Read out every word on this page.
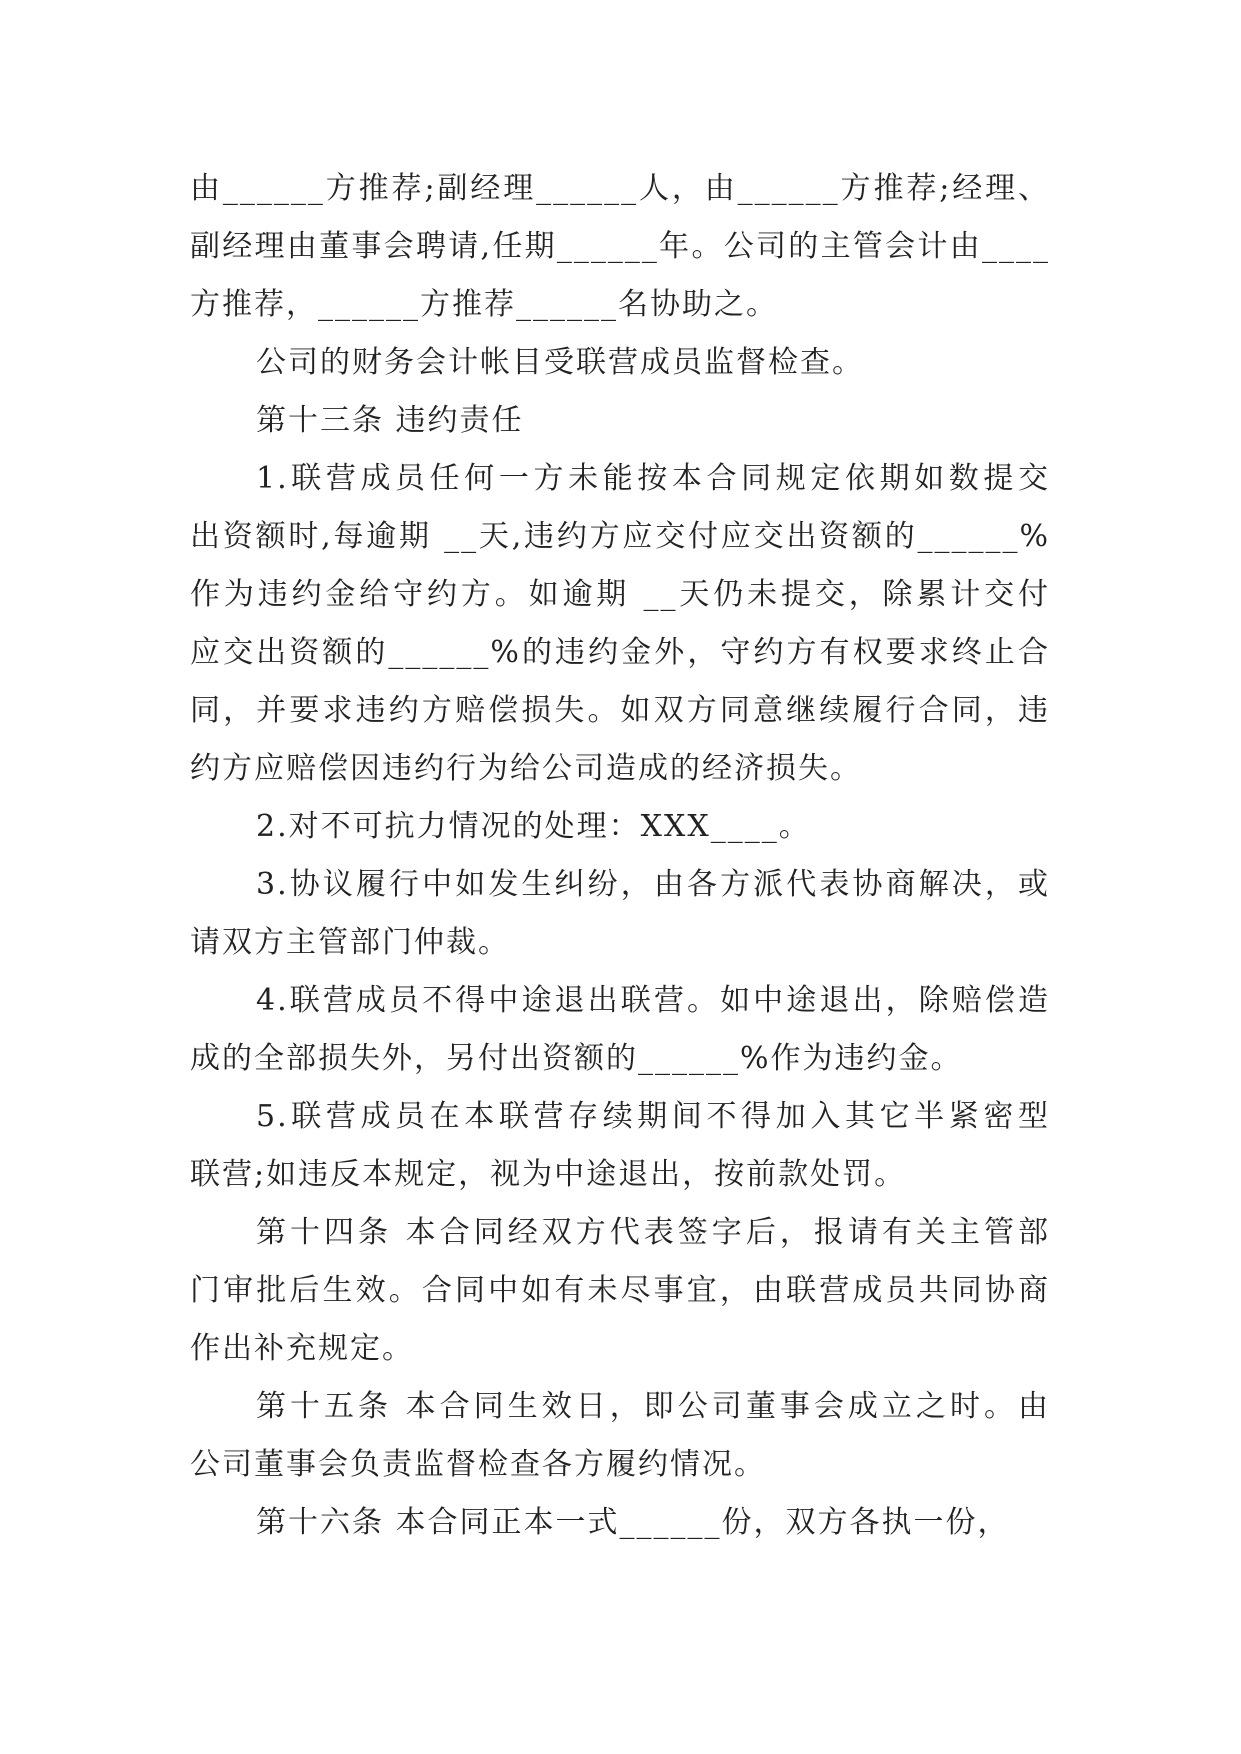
由______方推荐;副经理______人，由______方推荐;经理、
副经理由董事会聘请,任期______年。公司的主管会计由____
方推荐，______方推荐______名协助之。
公司的财务会计帐目受联营成员监督检查。
第十三条 违约责任
1.联营成员任何一方未能按本合同规定依期如数提交
出资额时,每逾期 __天,违约方应交付应交出资额的______%
作为违约金给守约方。如逾期 __天仍未提交，除累计交付
应交出资额的______%的违约金外，守约方有权要求终止合
同，并要求违约方赔偿损失。如双方同意继续履行合同，违
约方应赔偿因违约行为给公司造成的经济损失。
2.对不可抗力情况的处理：XXX____。
3.协议履行中如发生纠纷，由各方派代表协商解决，或
请双方主管部门仲裁。
4.联营成员不得中途退出联营。如中途退出，除赔偿造
成的全部损失外，另付出资额的______%作为违约金。
5.联营成员在本联营存续期间不得加入其它半紧密型
联营;如违反本规定，视为中途退出，按前款处罚。
第十四条 本合同经双方代表签字后，报请有关主管部
门审批后生效。合同中如有未尽事宜，由联营成员共同协商
作出补充规定。
第十五条 本合同生效日，即公司董事会成立之时。由
公司董事会负责监督检查各方履约情况。
第十六条 本合同正本一式______份，双方各执一份，
